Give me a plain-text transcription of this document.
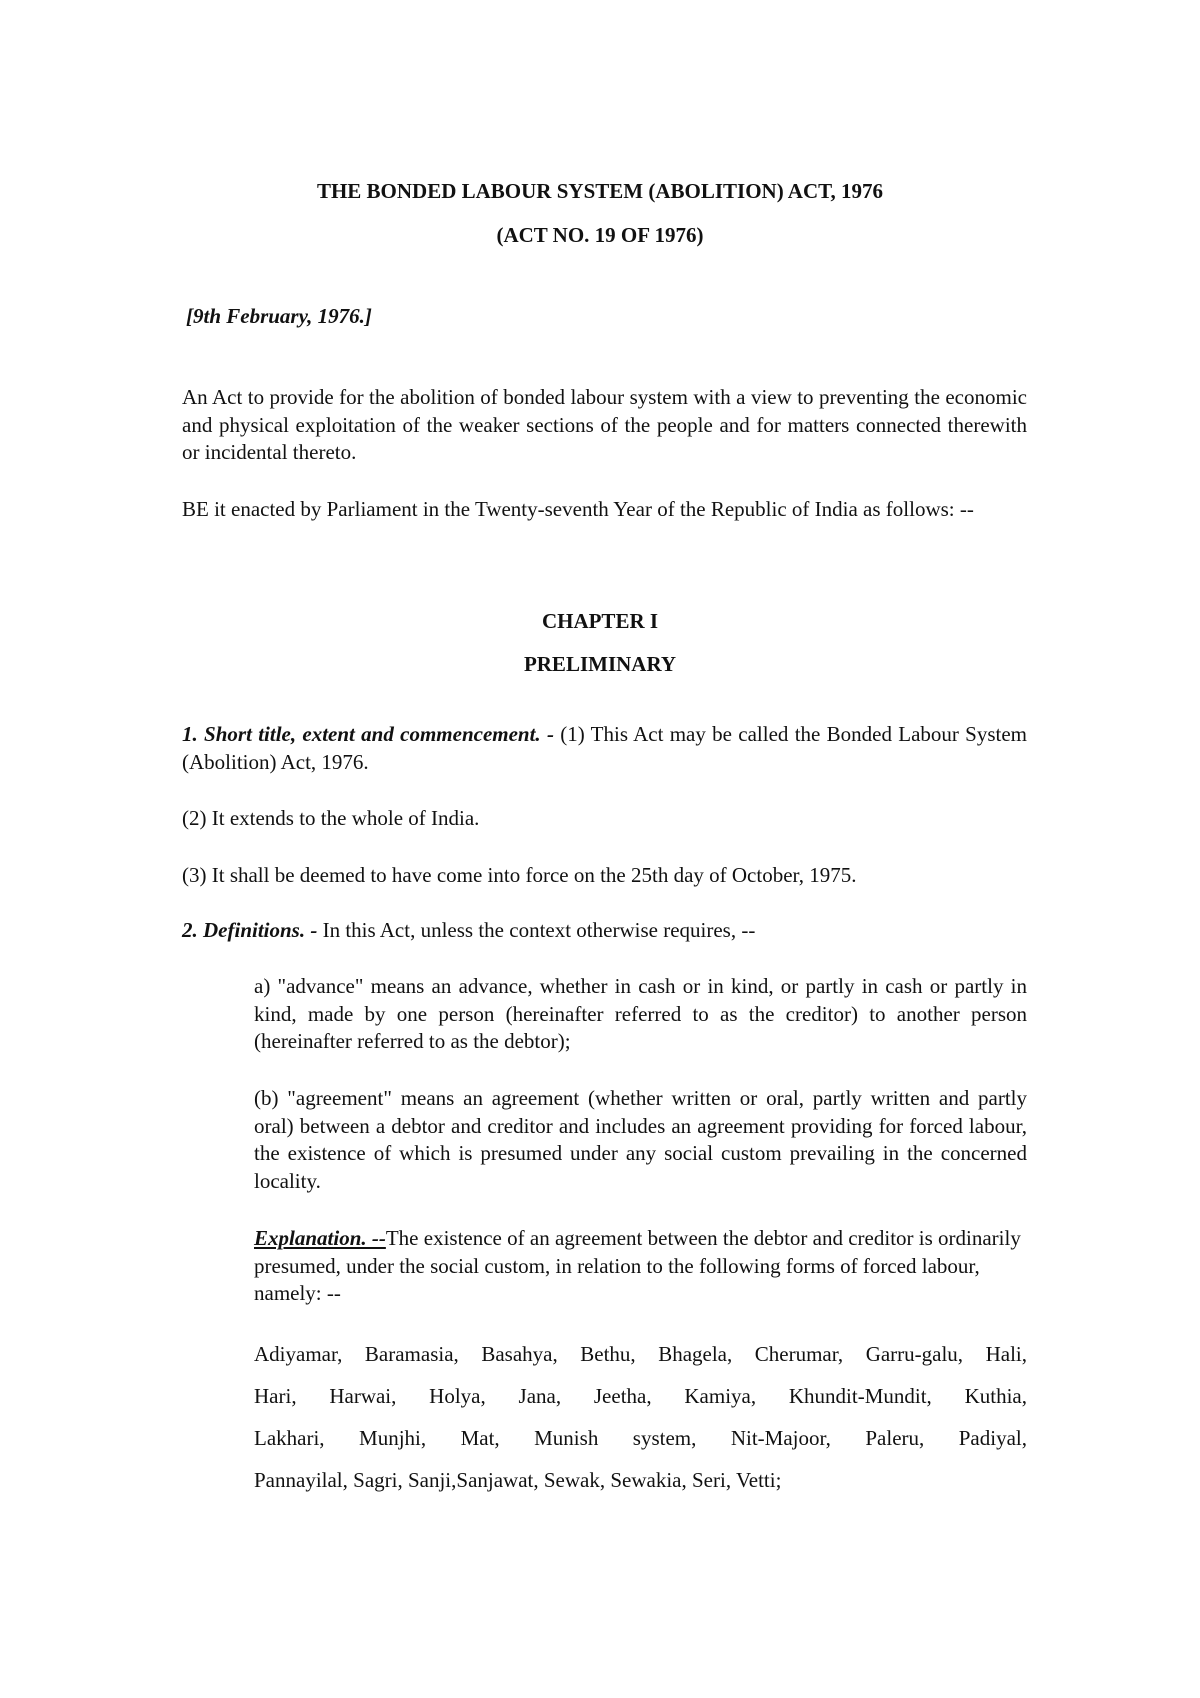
THE BONDED LABOUR SYSTEM (ABOLITION) ACT, 1976
(ACT NO. 19 OF 1976)
[9th February, 1976.]

An Act to provide for the abolition of bonded labour system with a view to preventing the economic and physical exploitation of the weaker sections of the people and for matters connected therewith or incidental thereto.

BE it enacted by Parliament in the Twenty-seventh Year of the Republic of India as follows: --

CHAPTER I
PRELIMINARY

1. Short title, extent and commencement. - (1) This Act may be called the Bonded Labour System (Abolition) Act, 1976.

(2) It extends to the whole of India.

(3) It shall be deemed to have come into force on the 25th day of October, 1975.

2. Definitions. - In this Act, unless the context otherwise requires, --

a) "advance" means an advance, whether in cash or in kind, or partly in cash or partly in kind, made by one person (hereinafter referred to as the creditor) to another person (hereinafter referred to as the debtor);

(b) "agreement" means an agreement (whether written or oral, partly written and partly oral) between a debtor and creditor and includes an agreement providing for forced labour, the existence of which is presumed under any social custom prevailing in the concerned locality.

Explanation. --The existence of an agreement between the debtor and creditor is ordinarily presumed, under the social custom, in relation to the following forms of forced labour, namely: --

Adiyamar, Baramasia, Basahya, Bethu, Bhagela, Cherumar, Garru-galu, Hali,
Hari, Harwai, Holya, Jana, Jeetha, Kamiya, Khundit-Mundit, Kuthia,
Lakhari, Munjhi, Mat, Munish system, Nit-Majoor, Paleru, Padiyal,
Pannayilal, Sagri, Sanji,Sanjawat, Sewak, Sewakia, Seri, Vetti;
